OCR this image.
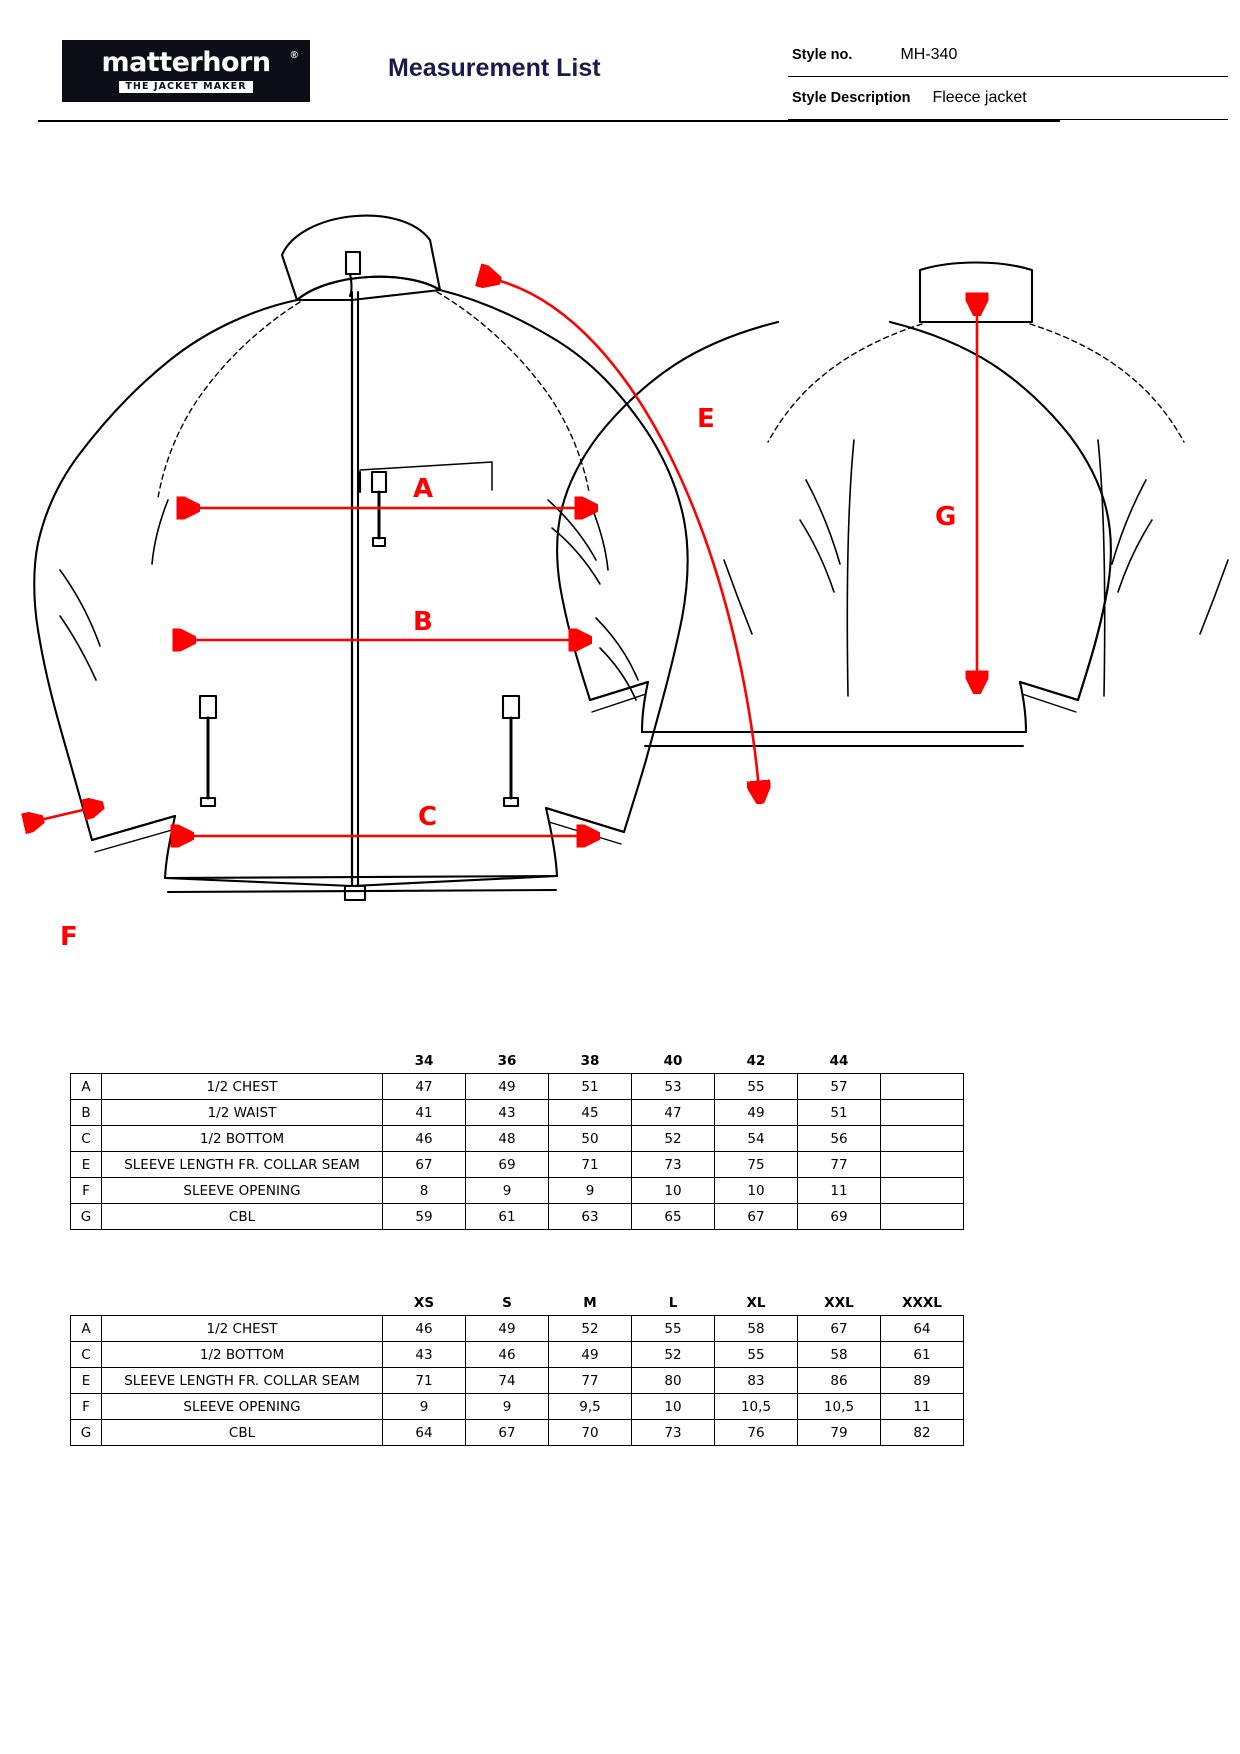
matterhorn ®
THE JACKET MAKER
Measurement List	Style no.	MH-340
Style Description	Fleece jacket
A
B
C
E
F
G
		34	36	38	40	42	44	
A	1/2 CHEST	47	49	51	53	55	57	
B	1/2 WAIST	41	43	45	47	49	51	
C	1/2 BOTTOM	46	48	50	52	54	56	
E	SLEEVE LENGTH FR. COLLAR SEAM	67	69	71	73	75	77	
F	SLEEVE OPENING	8	9	9	10	10	11	
G	CBL	59	61	63	65	67	69	
		XS	S	M	L	XL	XXL	XXXL
A	1/2 CHEST	46	49	52	55	58	67	64
C	1/2 BOTTOM	43	46	49	52	55	58	61
E	SLEEVE LENGTH FR. COLLAR SEAM	71	74	77	80	83	86	89
F	SLEEVE OPENING	9	9	9,5	10	10,5	10,5	11
G	CBL	64	67	70	73	76	79	82
